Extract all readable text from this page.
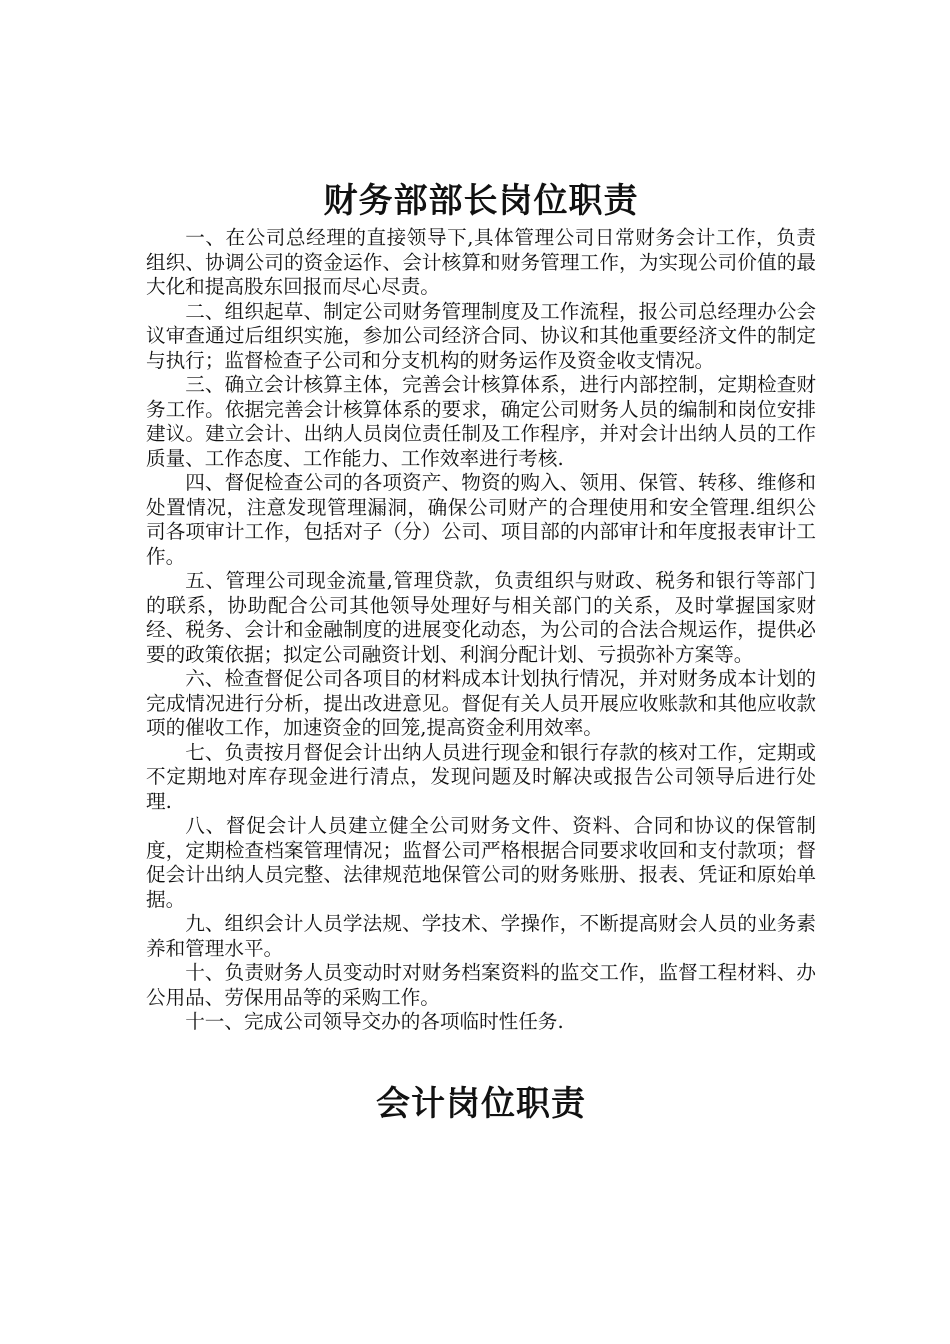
财务部部长岗位职责

一、在公司总经理的直接领导下,具体管理公司日常财务会计工作，负责组织、协调公司的资金运作、会计核算和财务管理工作，为实现公司价值的最大化和提高股东回报而尽心尽责。

二、组织起草、制定公司财务管理制度及工作流程，报公司总经理办公会议审查通过后组织实施，参加公司经济合同、协议和其他重要经济文件的制定与执行；监督检查子公司和分支机构的财务运作及资金收支情况。

三、确立会计核算主体，完善会计核算体系，进行内部控制，定期检查财务工作。依据完善会计核算体系的要求，确定公司财务人员的编制和岗位安排建议。建立会计、出纳人员岗位责任制及工作程序，并对会计出纳人员的工作质量、工作态度、工作能力、工作效率进行考核.

四、督促检查公司的各项资产、物资的购入、领用、保管、转移、维修和处置情况，注意发现管理漏洞，确保公司财产的合理使用和安全管理.组织公司各项审计工作，包括对子（分）公司、项目部的内部审计和年度报表审计工作。

五、管理公司现金流量,管理贷款，负责组织与财政、税务和银行等部门的联系，协助配合公司其他领导处理好与相关部门的关系，及时掌握国家财经、税务、会计和金融制度的进展变化动态，为公司的合法合规运作，提供必要的政策依据；拟定公司融资计划、利润分配计划、亏损弥补方案等。

六、检查督促公司各项目的材料成本计划执行情况，并对财务成本计划的完成情况进行分析，提出改进意见。督促有关人员开展应收账款和其他应收款项的催收工作，加速资金的回笼,提高资金利用效率。

七、负责按月督促会计出纳人员进行现金和银行存款的核对工作，定期或不定期地对库存现金进行清点，发现问题及时解决或报告公司领导后进行处理.

八、督促会计人员建立健全公司财务文件、资料、合同和协议的保管制度，定期检查档案管理情况；监督公司严格根据合同要求收回和支付款项；督促会计出纳人员完整、法律规范地保管公司的财务账册、报表、凭证和原始单据。

九、组织会计人员学法规、学技术、学操作，不断提高财会人员的业务素养和管理水平。

十、负责财务人员变动时对财务档案资料的监交工作，监督工程材料、办公用品、劳保用品等的采购工作。

十一、完成公司领导交办的各项临时性任务.

会计岗位职责
